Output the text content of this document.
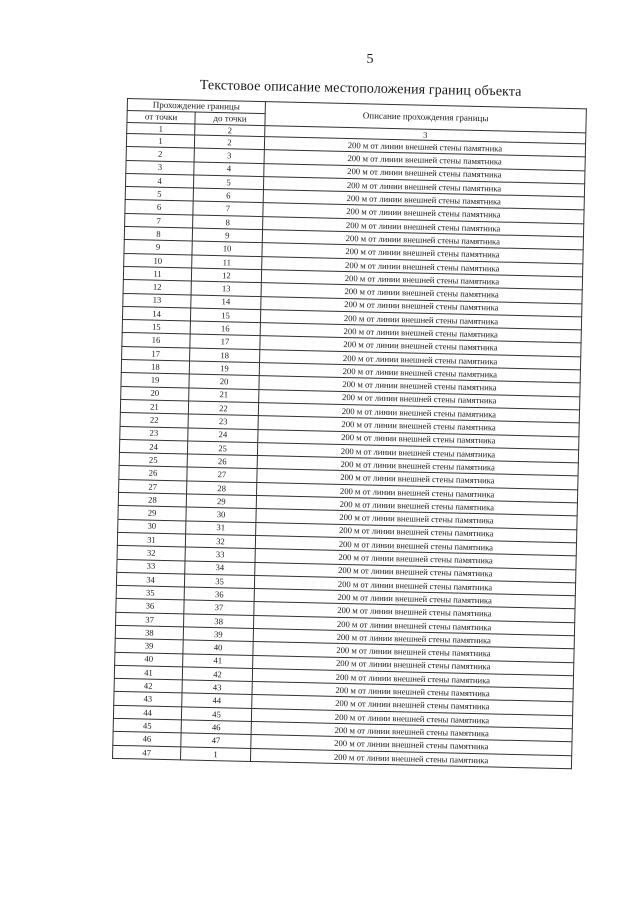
5
Текстовое описание местоположения границ объекта
Прохождение границы		Описание прохождения границы
от точки	до точки	
1	2	3
1	2	200 м от линии внешней стены памятника
2	3	200 м от линии внешней стены памятника
3	4	200 м от линии внешней стены памятника
4	5	200 м от линии внешней стены памятника
5	6	200 м от линии внешней стены памятника
6	7	200 м от линии внешней стены памятника
7	8	200 м от линии внешней стены памятника
8	9	200 м от линии внешней стены памятника
9	10	200 м от линии внешней стены памятника
10	11	200 м от линии внешней стены памятника
11	12	200 м от линии внешней стены памятника
12	13	200 м от линии внешней стены памятника
13	14	200 м от линии внешней стены памятника
14	15	200 м от линии внешней стены памятника
15	16	200 м от линии внешней стены памятника
16	17	200 м от линии внешней стены памятника
17	18	200 м от линии внешней стены памятника
18	19	200 м от линии внешней стены памятника
19	20	200 м от линии внешней стены памятника
20	21	200 м от линии внешней стены памятника
21	22	200 м от линии внешней стены памятника
22	23	200 м от линии внешней стены памятника
23	24	200 м от линии внешней стены памятника
24	25	200 м от линии внешней стены памятника
25	26	200 м от линии внешней стены памятника
26	27	200 м от линии внешней стены памятника
27	28	200 м от линии внешней стены памятника
28	29	200 м от линии внешней стены памятника
29	30	200 м от линии внешней стены памятника
30	31	200 м от линии внешней стены памятника
31	32	200 м от линии внешней стены памятника
32	33	200 м от линии внешней стены памятника
33	34	200 м от линии внешней стены памятника
34	35	200 м от линии внешней стены памятника
35	36	200 м от линии внешней стены памятника
36	37	200 м от линии внешней стены памятника
37	38	200 м от линии внешней стены памятника
38	39	200 м от линии внешней стены памятника
39	40	200 м от линии внешней стены памятника
40	41	200 м от линии внешней стены памятника
41	42	200 м от линии внешней стены памятника
42	43	200 м от линии внешней стены памятника
43	44	200 м от линии внешней стены памятника
44	45	200 м от линии внешней стены памятника
45	46	200 м от линии внешней стены памятника
46	47	200 м от линии внешней стены памятника
47	1	200 м от линии внешней стены памятника
